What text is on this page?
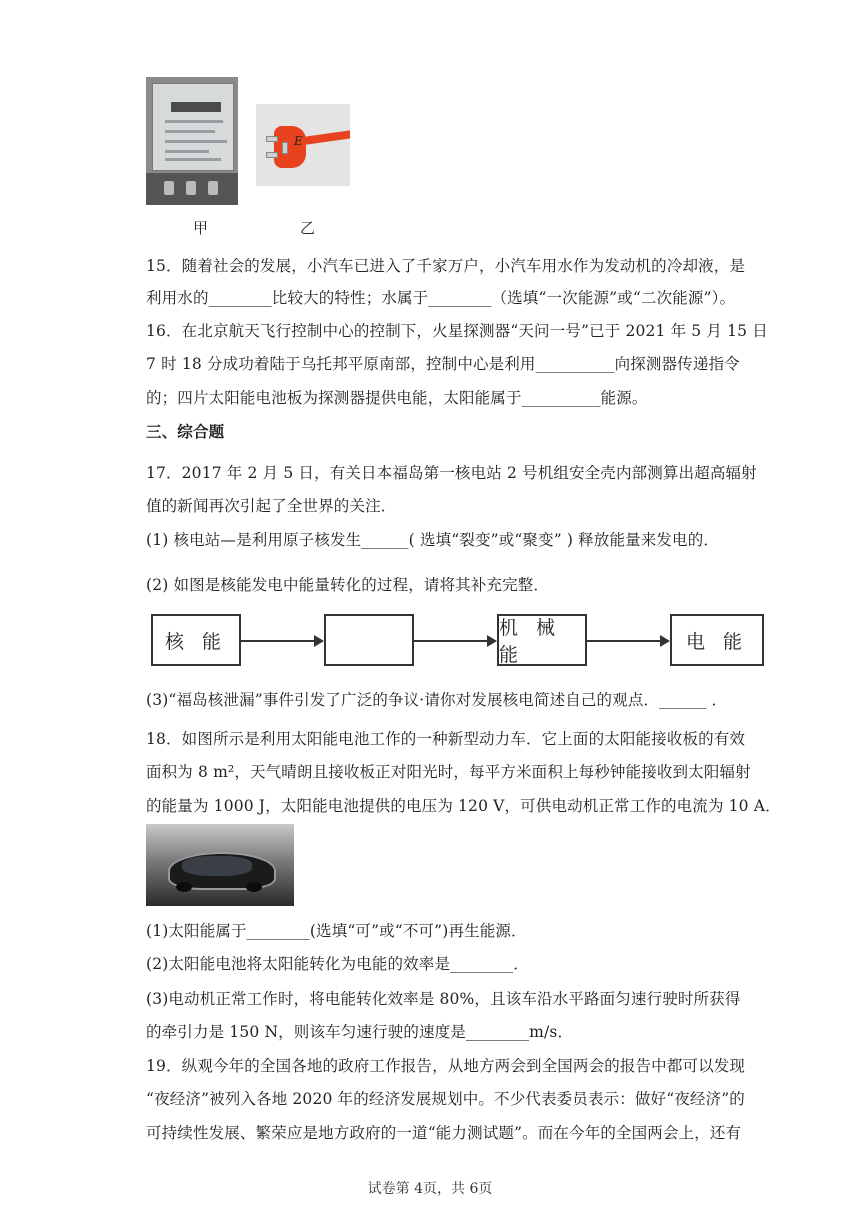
甲
E
乙
15．随着社会的发展，小汽车已进入了千家万户，小汽车用水作为发动机的冷却液，是
利用水的________比较大的特性；水属于________（选填“一次能源”或“二次能源”）。
16．在北京航天飞行控制中心的控制下，火星探测器“天问一号”已于 2021 年 5 月 15 日
7 时 18 分成功着陆于乌托邦平原南部，控制中心是利用__________向探测器传递指令
的；四片太阳能电池板为探测器提供电能，太阳能属于__________能源。
三、综合题
17．2017 年 2 月 5 日，有关日本福岛第一核电站 2 号机组安全壳内部测算出超高辐射
值的新闻再次引起了全世界的关注．
(1) 核电站—是利用原子核发生______( 选填“裂变”或“聚变” ) 释放能量来发电的．
(2) 如图是核能发电中能量转化的过程，请将其补充完整．
核 能
机 械 能
电 能
(3)“福岛核泄漏”事件引发了广泛的争议·请你对发展核电简述自己的观点．______ ．
18．如图所示是利用太阳能电池工作的一种新型动力车．它上面的太阳能接收板的有效
面积为 8 m²，天气晴朗且接收板正对阳光时，每平方米面积上每秒钟能接收到太阳辐射
的能量为 1000 J，太阳能电池提供的电压为 120 V，可供电动机正常工作的电流为 10 A．
(1)太阳能属于________(选填“可”或“不可”)再生能源．
(2)太阳能电池将太阳能转化为电能的效率是________．
(3)电动机正常工作时，将电能转化效率是 80%，且该车沿水平路面匀速行驶时所获得
的牵引力是 150 N，则该车匀速行驶的速度是________m/s．
19．纵观今年的全国各地的政府工作报告，从地方两会到全国两会的报告中都可以发现
“夜经济”被列入各地 2020 年的经济发展规划中。不少代表委员表示：做好“夜经济”的
可持续性发展、繁荣应是地方政府的一道“能力测试题”。而在今年的全国两会上，还有
试卷第 4页，共 6页
